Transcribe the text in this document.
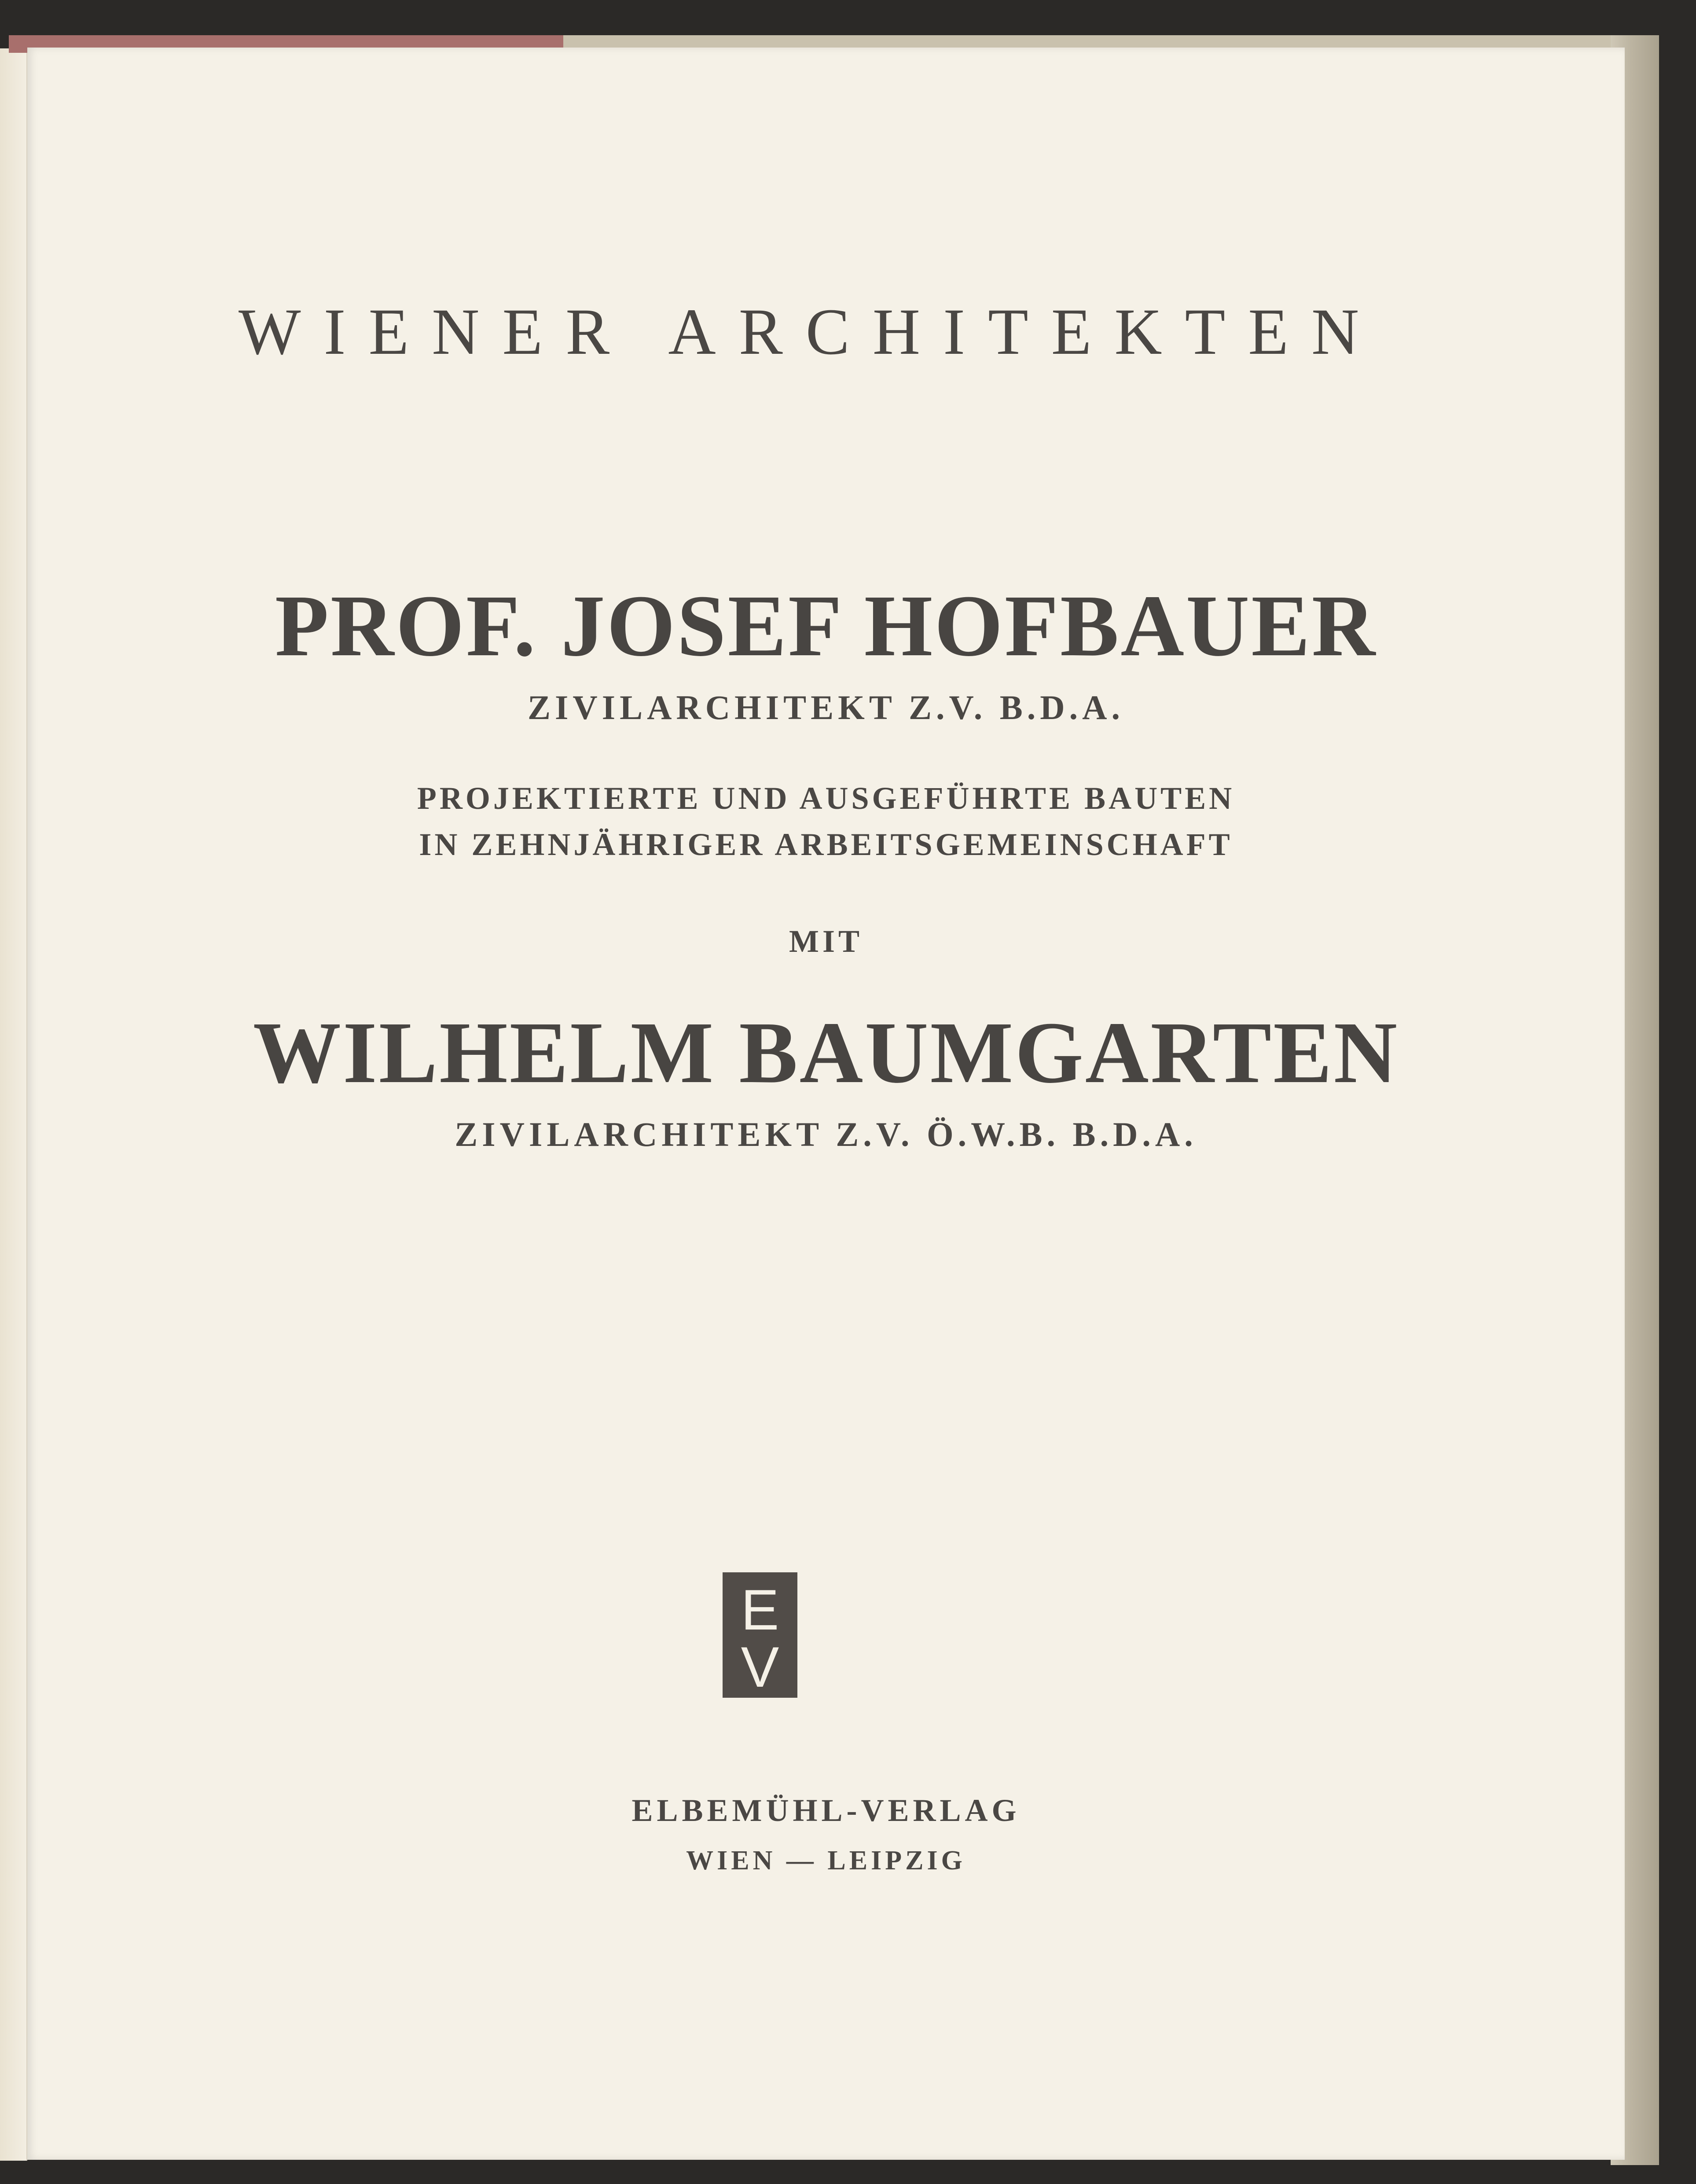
WIENER ARCHITEKTEN
PROF. JOSEF HOFBAUER
ZIVILARCHITEKT Z.V. B.D.A.
PROJEKTIERTE UND AUSGEFÜHRTE BAUTEN
IN ZEHNJÄHRIGER ARBEITSGEMEINSCHAFT
MIT
WILHELM BAUMGARTEN
ZIVILARCHITEKT Z.V. Ö.W.B. B.D.A.
E
V
ELBEMÜHL-VERLAG
WIEN — LEIPZIG
